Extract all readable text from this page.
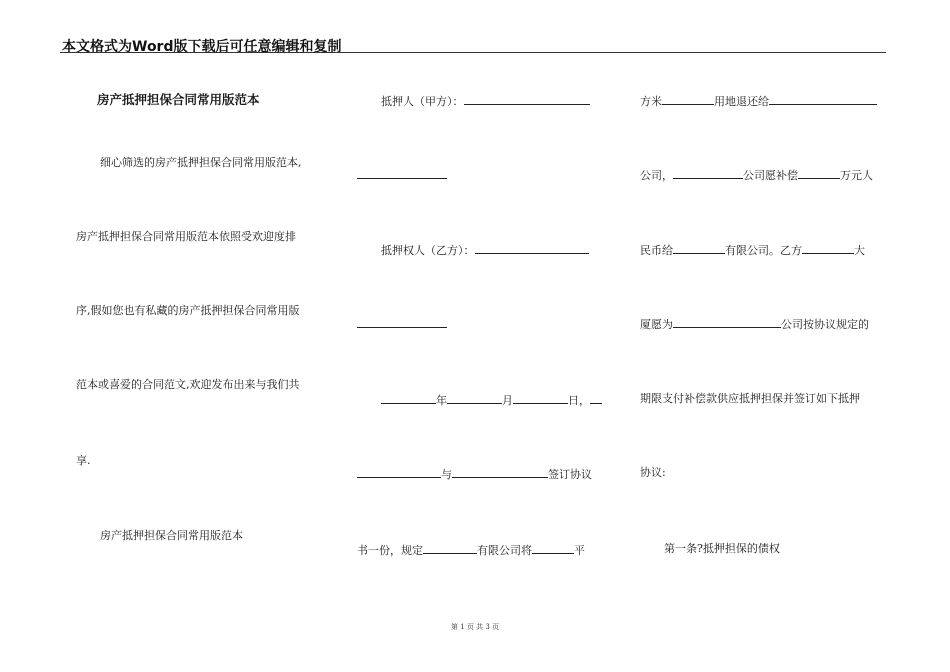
本文格式为Word版下载后可任意编辑和复制
房产抵押担保合同常用版范本
细心筛选的房产抵押担保合同常用版范本,
房产抵押担保合同常用版范本依照受欢迎度排
序,假如您也有私藏的房产抵押担保合同常用版
范本或喜爱的合同范文,欢迎发布出来与我们共
享.
房产抵押担保合同常用版范本
抵押人（甲方）：
抵押权人（乙方）：
年	月	日，
与	签订协议
书一份，规定	有限公司将	平
方米	用地退还给
公司，	公司愿补偿	万元人
民币给	有限公司。乙方	大
厦愿为	公司按协议规定的
期限支付补偿款供应抵押担保并签订如下抵押
协议:
第一条?抵押担保的债权
第 1 页 共 3 页
